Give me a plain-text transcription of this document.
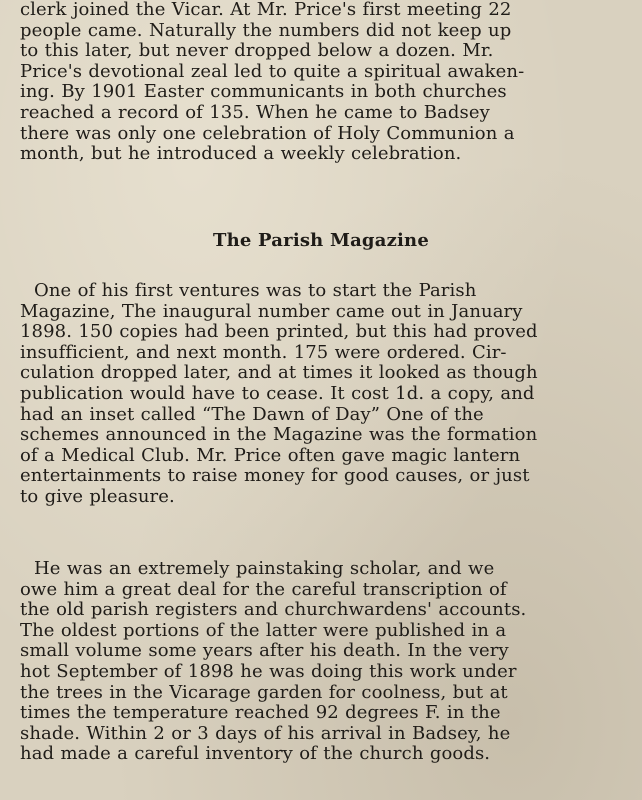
clerk joined the Vicar. At Mr. Price's first meeting 22
people came. Naturally the numbers did not keep up
to this later, but never dropped below a dozen. Mr.
Price's devotional zeal led to quite a spiritual awaken-
ing. By 1901 Easter communicants in both churches
reached a record of 135. When he came to Badsey
there was only one celebration of Holy Communion a
month, but he introduced a weekly celebration.

The Parish Magazine

One of his first ventures was to start the Parish
Magazine, The inaugural number came out in January
1898. 150 copies had been printed, but this had proved
insufficient, and next month. 175 were ordered. Cir-
culation dropped later, and at times it looked as though
publication would have to cease. It cost 1d. a copy, and
had an inset called “The Dawn of Day” One of the
schemes announced in the Magazine was the formation
of a Medical Club. Mr. Price often gave magic lantern
entertainments to raise money for good causes, or just
to give pleasure.

He was an extremely painstaking scholar, and we
owe him a great deal for the careful transcription of
the old parish registers and churchwardens' accounts.
The oldest portions of the latter were published in a
small volume some years after his death. In the very
hot September of 1898 he was doing this work under
the trees in the Vicarage garden for coolness, but at
times the temperature reached 92 degrees F. in the
shade. Within 2 or 3 days of his arrival in Badsey, he
had made a careful inventory of the church goods.
